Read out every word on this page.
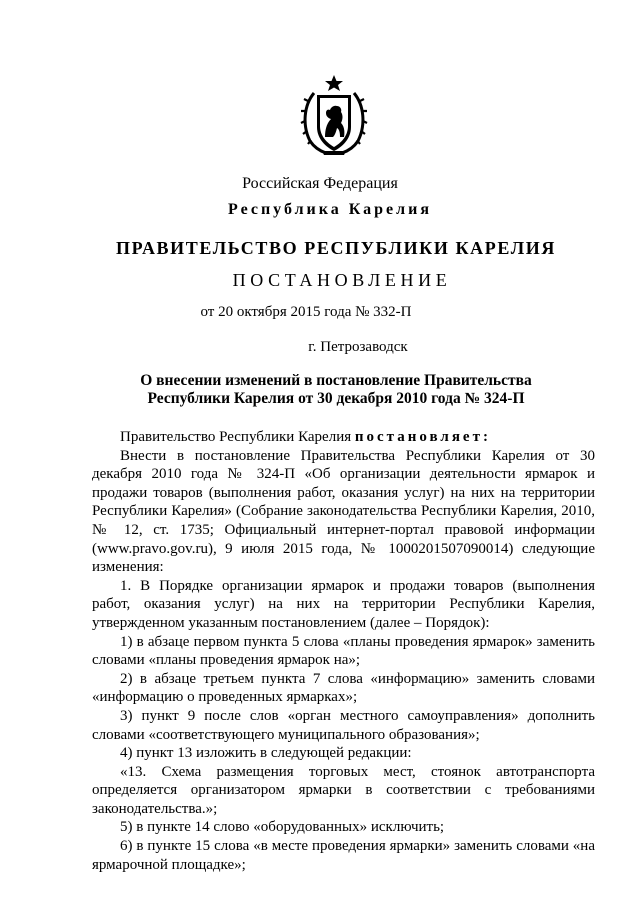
Российская Федерация
Республика Карелия
ПРАВИТЕЛЬСТВО РЕСПУБЛИКИ КАРЕЛИЯ
ПОСТАНОВЛЕНИЕ
от 20 октября 2015 года № 332-П
г. Петрозаводск
О внесении изменений в постановление Правительства
Республики Карелия от 30 декабря 2010 года № 324-П

Правительство Республики Карелия постановляет:

Внести в постановление Правительства Республики Карелия от 30 декабря 2010 года № 324-П «Об организации деятельности ярмарок и продажи товаров (выполнения работ, оказания услуг) на них на территории Республики Карелия» (Собрание законодательства Республики Карелия, 2010, № 12, ст. 1735; Официальный интернет-портал правовой информации (www.pravo.gov.ru), 9 июля 2015 года, № 1000201507090014) следующие изменения:

1. В Порядке организации ярмарок и продажи товаров (выполнения работ, оказания услуг) на них на территории Республики Карелия, утвержденном указанным постановлением (далее – Порядок):

1) в абзаце первом пункта 5 слова «планы проведения ярмарок» заменить словами «планы проведения ярмарок на»;

2) в абзаце третьем пункта 7 слова «информацию» заменить словами «информацию о проведенных ярмарках»;

3) пункт 9 после слов «орган местного самоуправления» дополнить словами «соответствующего муниципального образования»;

4) пункт 13 изложить в следующей редакции:

«13. Схема размещения торговых мест, стоянок автотранспорта определяется организатором ярмарки в соответствии с требованиями законодательства.»;

5) в пункте 14 слово «оборудованных» исключить;

6) в пункте 15 слова «в месте проведения ярмарки» заменить словами «на ярмарочной площадке»;
